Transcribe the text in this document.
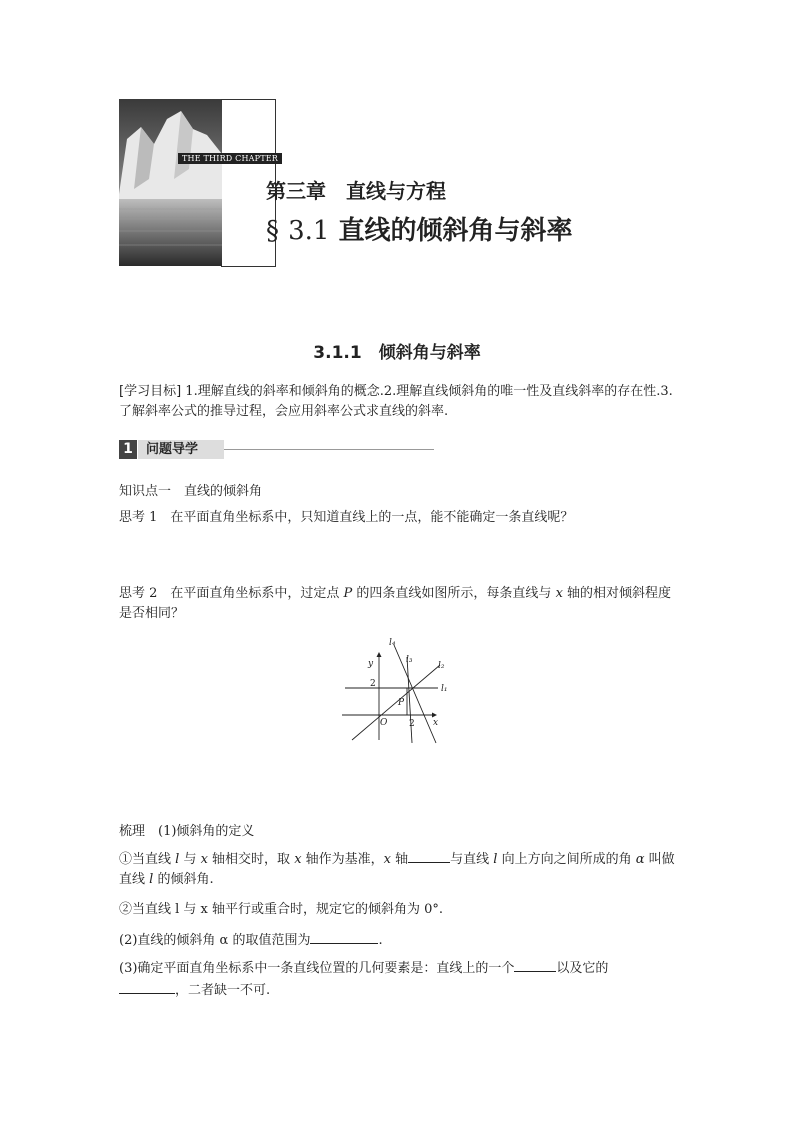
THE THIRD CHAPTER
第三章　直线与方程
§ 3.1 直线的倾斜角与斜率
3.1.1　倾斜角与斜率
[学习目标] 1.理解直线的斜率和倾斜角的概念.2.理解直线倾斜角的唯一性及直线斜率的存在性.3.了解斜率公式的推导过程，会应用斜率公式求直线的斜率.
1	问题导学
知识点一　直线的倾斜角
思考 1　在平面直角坐标系中，只知道直线上的一点，能不能确定一条直线呢？
思考 2　在平面直角坐标系中，过定点 P 的四条直线如图所示，每条直线与 x 轴的相对倾斜程度是否相同？
l₄
l₃
l₂
l₁
y
x
O
P
2
2
梳理　(1)倾斜角的定义
①当直线 l 与 x 轴相交时，取 x 轴作为基准，x 轴	与直线 l 向上方向之间所成的角 α 叫做直线 l 的倾斜角.
②当直线 l 与 x 轴平行或重合时，规定它的倾斜角为 0°.
(2)直线的倾斜角 α 的取值范围为	.
(3)确定平面直角坐标系中一条直线位置的几何要素是：直线上的一个	以及它的
，二者缺一不可.
